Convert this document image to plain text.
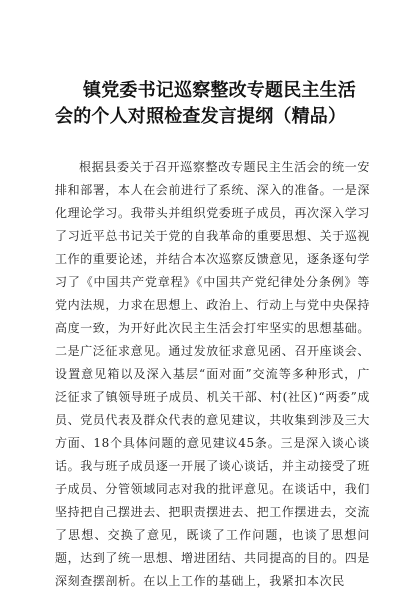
镇党委书记巡察整改专题民主生活
会的个人对照检查发言提纲（精品）

根据县委关于召开巡察整改专题民主生活会的统一安排和部署，本人在会前进行了系统、深入的准备。一是深化理论学习。我带头并组织党委班子成员，再次深入学习了习近平总书记关于党的自我革命的重要思想、关于巡视工作的重要论述，并结合本次巡察反馈意见，逐条逐句学习了《中国共产党章程》《中国共产党纪律处分条例》等党内法规，力求在思想上、政治上、行动上与党中央保持高度一致，为开好此次民主生活会打牢坚实的思想基础。二是广泛征求意见。通过发放征求意见函、召开座谈会、设置意见箱以及深入基层“面对面”交流等多种形式，广泛征求了镇领导班子成员、机关干部、村(社区)“两委”成员、党员代表及群众代表的意见建议，共收集到涉及三大方面、18个具体问题的意见建议45条。三是深入谈心谈话。我与班子成员逐一开展了谈心谈话，并主动接受了班子成员、分管领域同志对我的批评意见。在谈话中，我们坚持把自己摆进去、把职责摆进去、把工作摆进去，交流了思想、交换了意见，既谈了工作问题，也谈了思想问题，达到了统一思想、增进团结、共同提高的目的。四是深刻查摆剖析。在以上工作的基础上，我紧扣本次民
